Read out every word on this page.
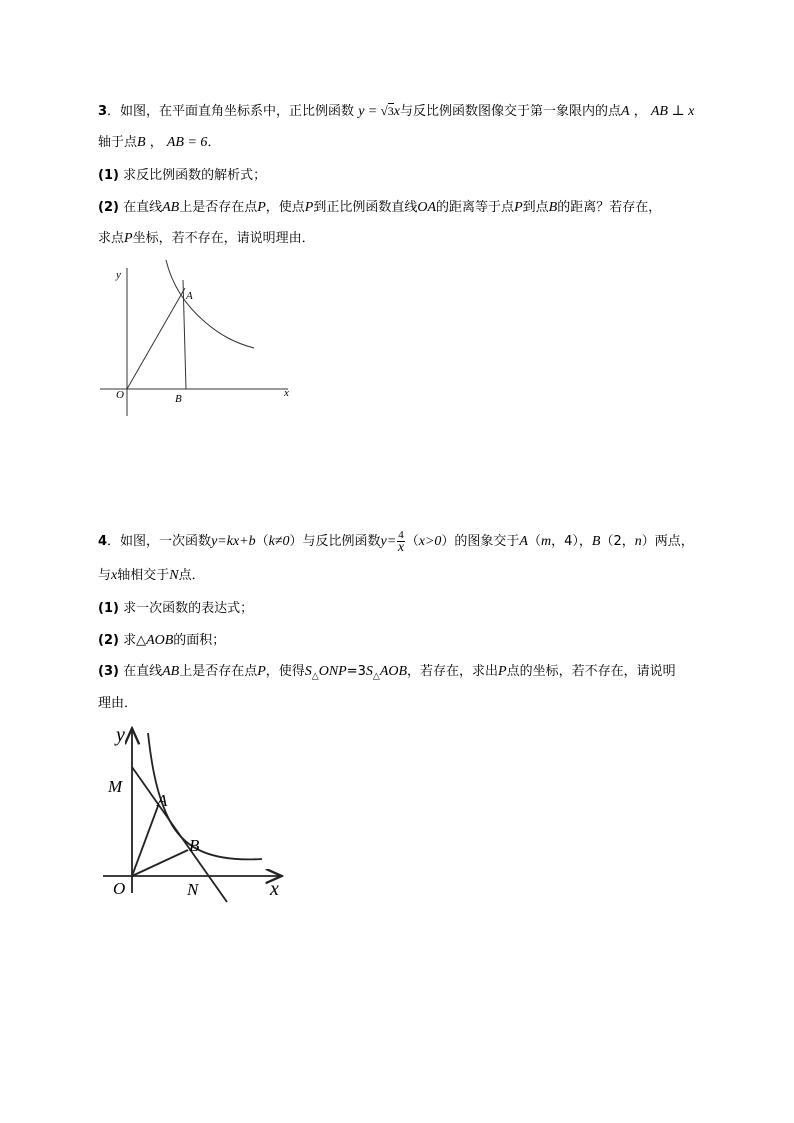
3．如图，在平面直角坐标系中，正比例函数 y = √3x与反比例函数图像交于第一象限内的点A ， AB ⊥ x
轴于点B ， AB = 6．
(1) 求反比例函数的解析式；
(2) 在直线AB上是否存在点P，使点P到正比例函数直线OA的距离等于点P到点B的距离？若存在，
求点P坐标，若不存在，请说明理由．
y
A
O	B	x
4．如图，一次函数y=kx+b（k≠0）与反比例函数$y= \frac{4}{x} (x>0)$的图象交于A（m，4），B（2，n）两点，
与x轴相交于N点．
(1) 求一次函数的表达式；
(2) 求△AOB的面积；
(3) 在直线AB上是否存在点P，使得$S_\triangle ONP=3S_\triangle AOB$，若存在，求出P点的坐标，若不存在，请说明
理由．
y
M
A
B
O	N	x
